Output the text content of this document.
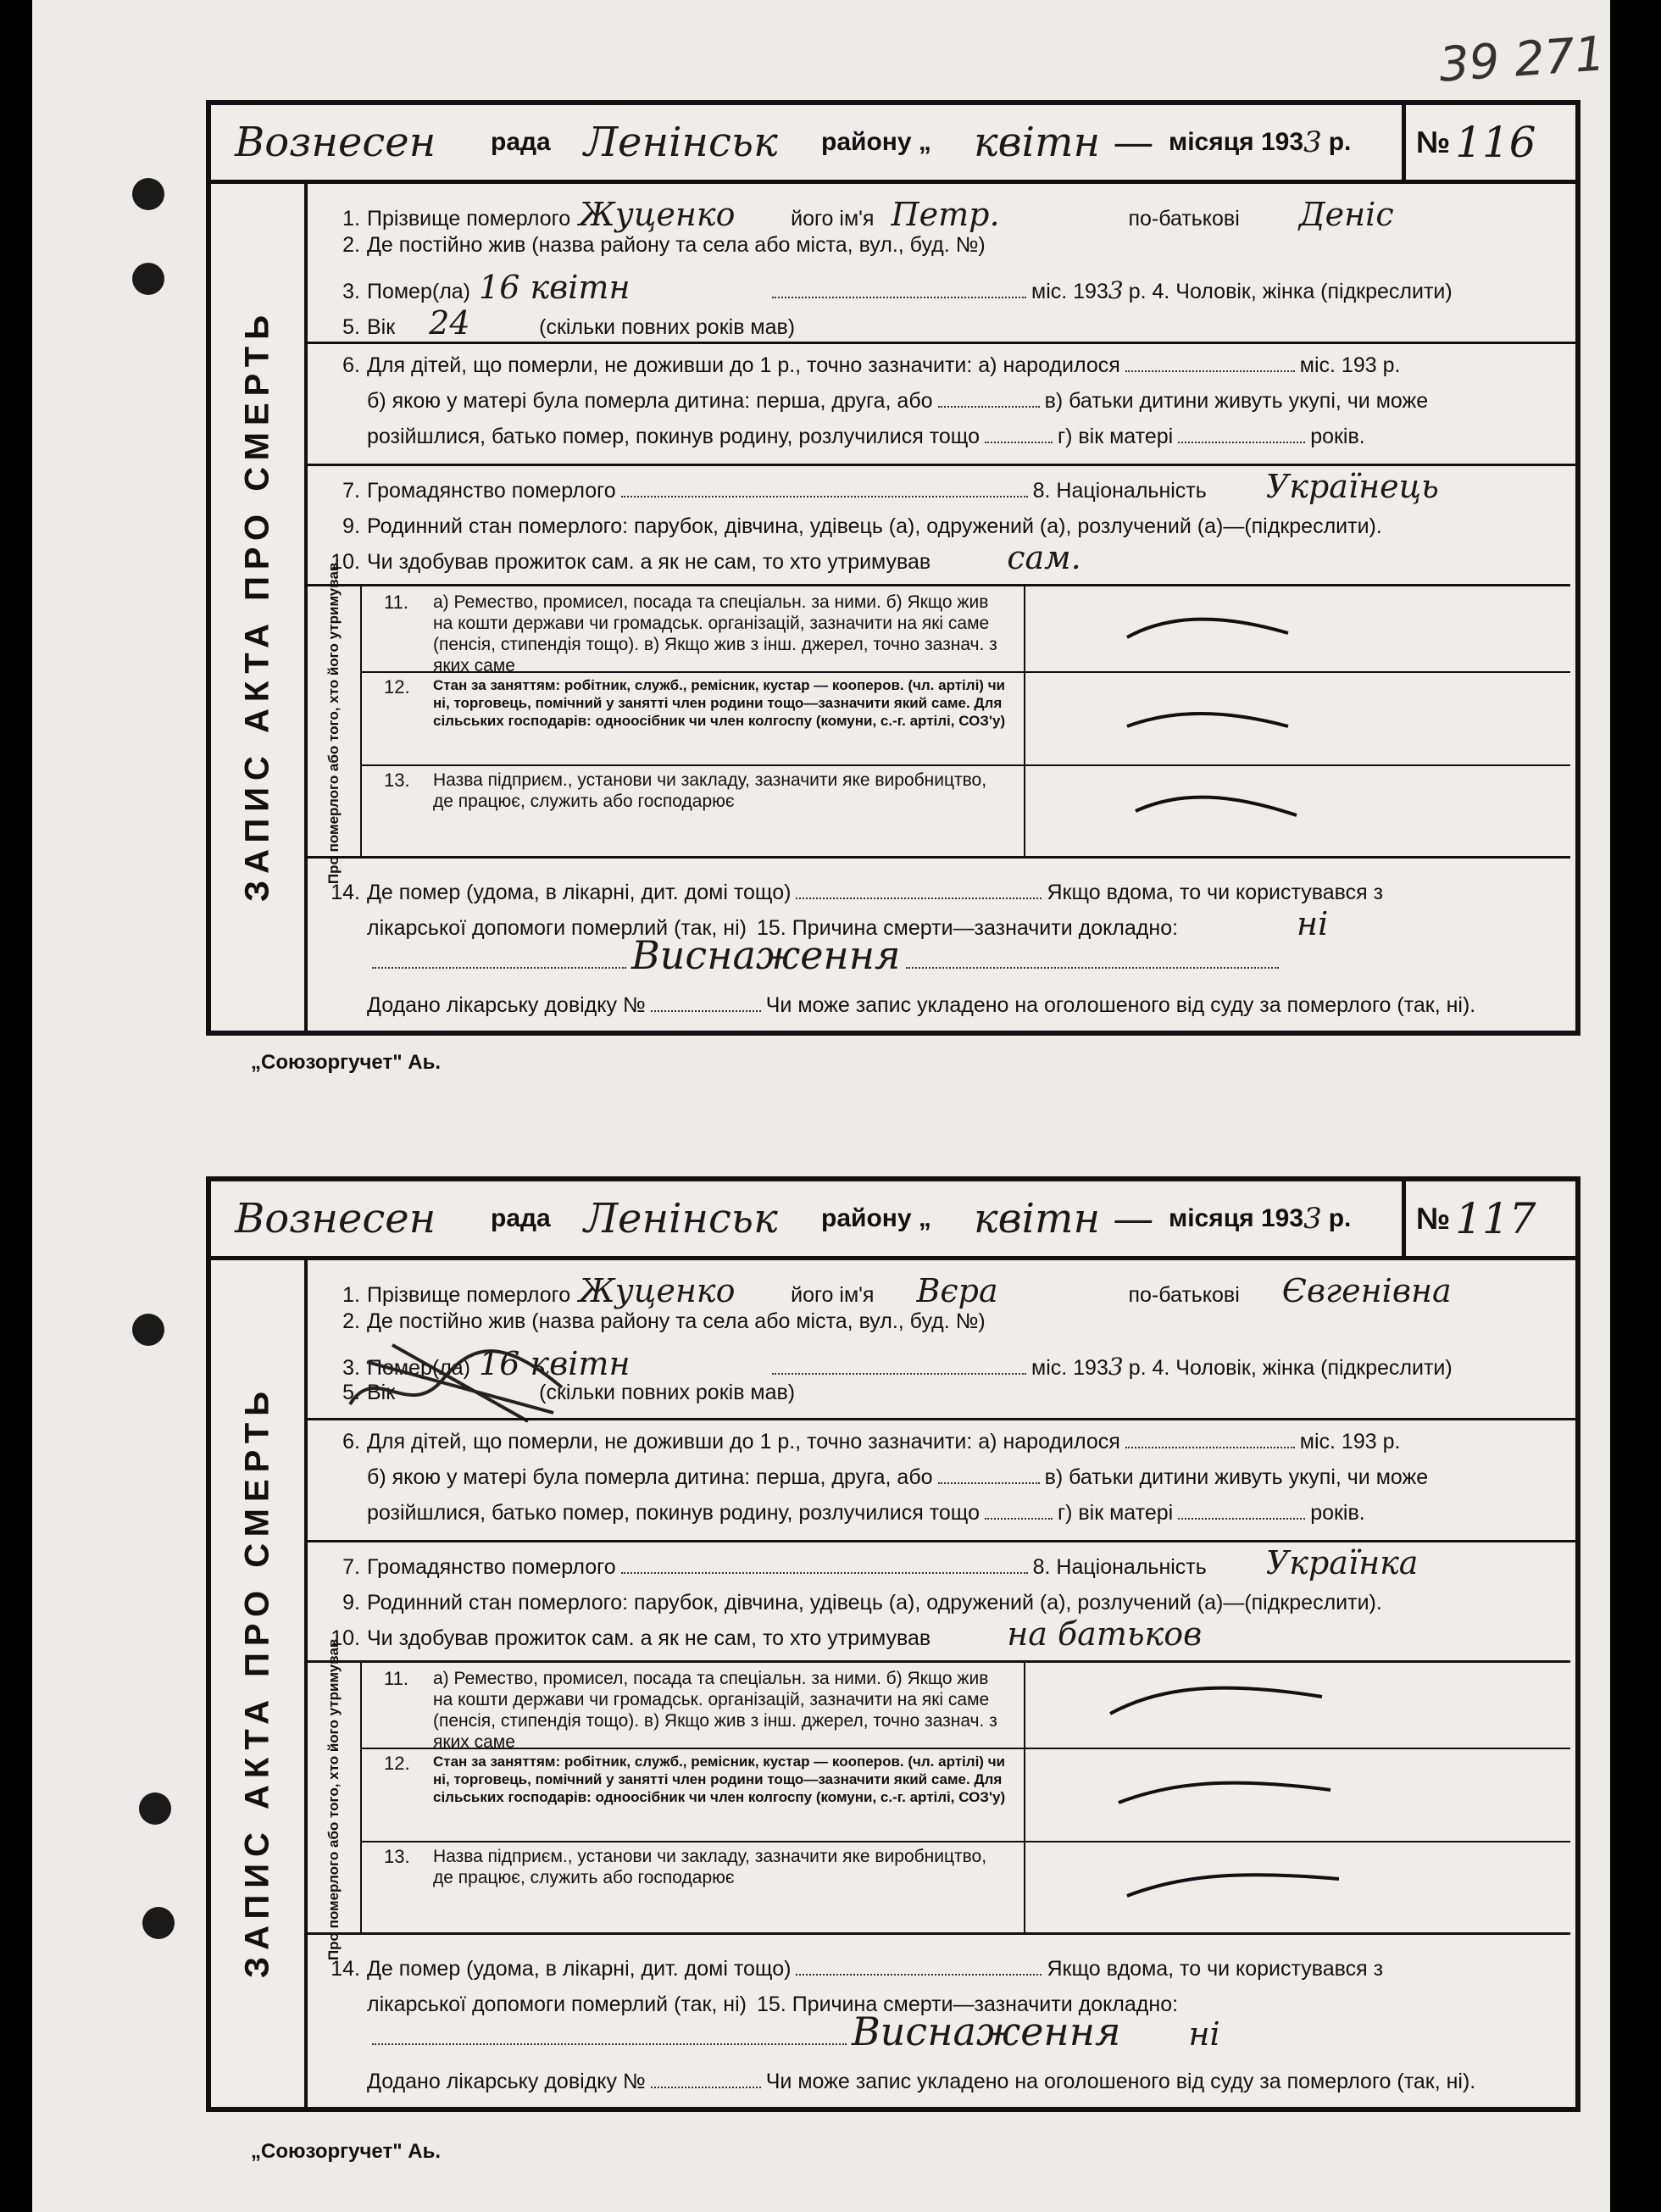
39 271
Вознесен рада Ленінськ району „ квітн — місяця 193 3 р. № 116
ЗАПИС АКТА ПРО СМЕРТЬ
1. Прізвище померлого Жуценко	його ім'я Петр.	по-батькові Деніс
2. Де постійно жив (назва району та села або міста, вул., буд. №)
3. Помер(ла) 16 квітн	міс. 193 3 р. 4. Чоловік, жінка (підкреслити)
5. Вік 24	(скільки повних років мав)
6. Для дітей, що померли, не доживши до 1 р., точно зазначити: а) народилося	міс. 193 р.
б) якою у матері була померла дитина: перша, друга, або	в) батьки дитини живуть укупі, чи може
розійшлися, батько помер, покинув родину, розлучилися тощо	г) вік матері	років.
7. Громадянство померлого	8. Національність Українець
9. Родинний стан померлого: парубок, дівчина, удівець (а), одружений (а), розлучений (а)—(підкреслити).
10. Чи здобував прожиток сам. а як не сам, то хто утримував сам.
Про померлого або того, хто його утримував. 11. а) Ремество, промисел, посада та спеціальн. за ними. б) Якщо жив на кошти держави чи громадськ. організацій, зазначити на які саме (пенсія, стипендія тощо). в) Якщо жив з інш. джерел, точно зазнач. з яких саме
12. Стан за заняттям: робітник, служб., ремісник, кустар — кооперов. (чл. артілі) чи ні, торговець, помічний у занятті член родини тощо—зазначити який саме. Для сільських господарів: одноосібник чи член колгоспу (комуни, с.-г. артілі, СОЗ'у)
13. Назва підприєм., установи чи закладу, зазначити яке виробництво, де працює, служить або господарює
14. Де помер (удома, в лікарні, дит. домі тощо)	Якщо вдома, то чи користувався з
лікарської допомоги померлий (так, ні) 15. Причина смерти—зазначити докладно:	ні
Виснаження
Додано лікарську довідку №	Чи може запис укладено на оголошеного від суду за померлого (так, ні).
„Союзоргучет" Аь.
Вознесен рада Ленінськ району „ квітн — місяця 193 3 р. № 117
ЗАПИС АКТА ПРО СМЕРТЬ
1. Прізвище померлого Жуценко	його ім'я Вєра	по-батькові Євгенівна
2. Де постійно жив (назва району та села або міста, вул., буд. №)
3. Помер(ла) 16 квітн	міс. 193 3 р. 4. Чоловік, жінка (підкреслити)
5. Вік	(скільки повних років мав)
6. Для дітей, що померли, не доживши до 1 р., точно зазначити: а) народилося	міс. 193 р.
б) якою у матері була померла дитина: перша, друга, або	в) батьки дитини живуть укупі, чи може
розійшлися, батько помер, покинув родину, розлучилися тощо	г) вік матері	років.
7. Громадянство померлого	8. Національність Українка
9. Родинний стан померлого: парубок, дівчина, удівець (а), одружений (а), розлучений (а)—(підкреслити).
10. Чи здобував прожиток сам. а як не сам, то хто утримував на батьков
Про померлого або того, хто його утримував. 11. а) Ремество, промисел, посада та спеціальн. за ними. б) Якщо жив на кошти держави чи громадськ. організацій, зазначити на які саме (пенсія, стипендія тощо). в) Якщо жив з інш. джерел, точно зазнач. з яких саме
12. Стан за заняттям: робітник, служб., ремісник, кустар — кооперов. (чл. артілі) чи ні, торговець, помічний у занятті член родини тощо—зазначити який саме. Для сільських господарів: одноосібник чи член колгоспу (комуни, с.-г. артілі, СОЗ'у)
13. Назва підприєм., установи чи закладу, зазначити яке виробництво, де працює, служить або господарює
14. Де помер (удома, в лікарні, дит. домі тощо)	Якщо вдома, то чи користувався з
лікарської допомоги померлий (так, ні) 15. Причина смерти—зазначити докладно:
Виснаження ні
Додано лікарську довідку №	Чи може запис укладено на оголошеного від суду за померлого (так, ні).
„Союзоргучет" Аь.
